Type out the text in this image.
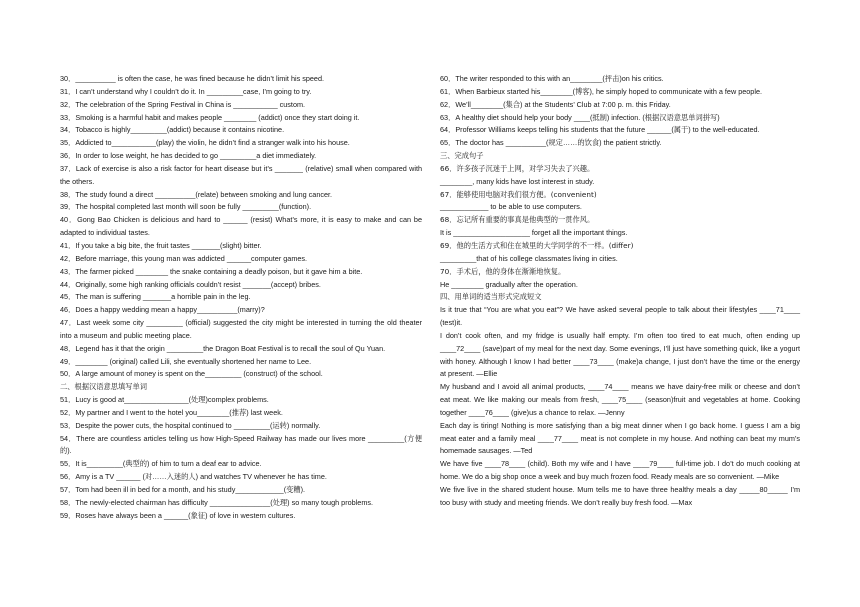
30．__________ is often the case, he was fined because he didn’t limit his speed.
31．I can’t understand why I couldn’t do it. In _________case, I’m going to try.
32．The celebration of the Spring Festival in China is ___________ custom.
33．Smoking is a harmful habit and makes people ________ (addict) once they start doing it.
34．Tobacco is highly_________(addict) because it contains nicotine.
35．Addicted to___________(play) the violin, he didn’t find a stranger walk into his house.
36．In order to lose weight, he has decided to go _________a diet immediately.
37．Lack of exercise is also a risk factor for heart disease but it’s _______ (relative) small when compared with the others.
38．The study found a direct __________(relate) between smoking and lung cancer.
39．The hospital completed last month will soon be fully _________(function).
40．Gong Bao Chicken is delicious and hard to ______ (resist) What’s more, it is easy to make and can be adapted to individual tastes.
41．If you take a big bite, the fruit tastes _______(slight) bitter.
42．Before marriage, this young man was addicted ______computer games.
43．The farmer picked ________ the snake containing a deadly poison, but it gave him a bite.
44．Originally, some high ranking officials couldn’t resist _______(accept) bribes.
45．The man is suffering _______a horrible pain in the leg.
46．Does a happy wedding mean a happy__________(marry)?
47．Last week some city _________ (official) suggested the city might be interested in turning the old theater into a museum and public meeting place.
48．Legend has it that the origin _________the Dragon Boat Festival is to recall the soul of Qu Yuan.
49．________ (original) called Lili, she eventually shortened her name to Lee.
50．A large amount of money is spent on the_________ (construct) of the school.
二、根据汉语意思填写单词
51．Lucy is good at________________(处理)complex problems.
52．My partner and I went to the hotel you________(推荐) last week.
53．Despite the power cuts, the hospital continued to _________(运转) normally.
54．There are countless articles telling us how High-Speed Railway has made our lives more _________(方便的).
55．It is_________(典型的) of him to turn a deaf ear to advice.
56．Amy is a TV ______ (对……入迷的人) and watches TV whenever he has time.
57．Tom had been ill in bed for a month, and his study____________(变糟).
58．The newly-elected chairman has difficulty _______________(处理) so many tough problems.
59．Roses have always been a ______(象征) of love in western cultures.
60．The writer responded to this with an________(抨击)on his critics.
61．When Barbieux started his________(博客), he simply hoped to communicate with a few people.
62．We’ll________(集合) at the Students’ Club at 7:00 p. m. this Friday.
63．A healthy diet should help your body ____(抵制) infection. (根据汉语意思单词拼写)
64．Professor Williams keeps telling his students that the future ______(属于) to the well-educated.
65．The doctor has __________(规定……的饮食) the patient strictly.
三、完成句子
66．许多孩子沉迷于上网，对学习失去了兴趣。
________, many kids have lost interest in study.
67．能够使用电脑对我们很方便。(convenient)
____________ to be able to use computers.
68．忘记所有重要的事真是他典型的一贯作风。
It is ___________________ forget all the important things.
69．他的生活方式和住在城里的大学同学的不一样。(differ)
_________that of his college classmates living in cities.
70．手术后，他的身体在渐渐地恢复。
He ________ gradually after the operation.
四、用单词的适当形式完成短文
Is it true that “You are what you eat”? We have asked several people to talk about their lifestyles ____71____ (test)it.
I don’t cook often, and my fridge is usually half empty. I’m often too tired to eat much, often ending up ____72____ (save)part of my meal for the next day. Some evenings, I’ll just have something quick, like a yogurt with honey. Although I know I had better ____73____ (make)a change, I just don’t have the time or the energy at present. —Ellie
My husband and I avoid all animal products, ____74____ means we have dairy-free milk or cheese and don’t eat meat. We like making our meals from fresh, ____75____ (season)fruit and vegetables at home. Cooking together ____76____ (give)us a chance to relax. —Jenny
Each day is tiring! Nothing is more satisfying than a big meat dinner when I go back home. I guess I am a big meat eater and a family meal ____77____ meat is not complete in my house. And nothing can beat my mum’s homemade sausages. —Ted
We have five ____78____ (child). Both my wife and I have ____79____ full-time job. I do’t do much cooking at home. We do a big shop once a week and buy much frozen food. Ready meals are so convenient. —Mike
We five live in the shared student house. Mum tells me to have three healthy meals a day _____80_____ I’m too busy with study and meeting friends. We don’t really buy fresh food. —Max
